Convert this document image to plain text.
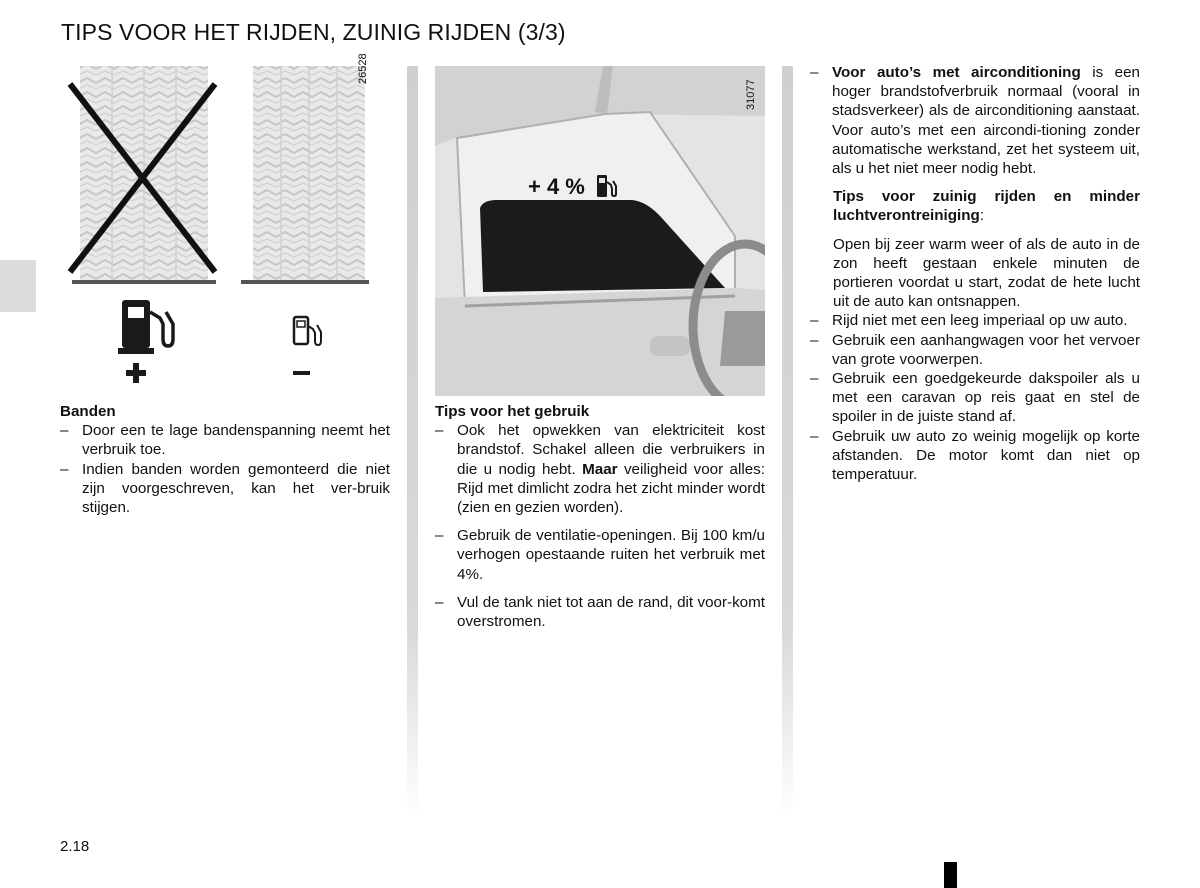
TIPS VOOR HET RIJDEN, ZUINIG RIJDEN (3/3)
26528
+ 4 %
31077

Banden

– Door een te lage bandenspanning neemt het verbruik toe.
– Indien banden worden gemonteerd die niet zijn voorgeschreven, kan het ver-bruik stijgen.

Tips voor het gebruik

– Ook het opwekken van elektriciteit kost brandstof. Schakel alleen die verbruikers in die u nodig hebt. Maar veiligheid voor alles: Rijd met dimlicht zodra het zicht minder wordt (zien en gezien worden).
– Gebruik de ventilatie-openingen. Bij 100 km/u verhogen opestaande ruiten het verbruik met 4%.
– Vul de tank niet tot aan de rand, dit voor-komt overstromen.
– Voor auto’s met airconditioning is een hoger brandstofverbruik normaal (vooral in stadsverkeer) als de airconditioning aanstaat. Voor auto’s met een aircondi-tioning zonder automatische werkstand, zet het systeem uit, als u het niet meer nodig hebt.

Tips voor zuinig rijden en minder luchtverontreiniging:

Open bij zeer warm weer of als de auto in de zon heeft gestaan enkele minuten de portieren voordat u start, zodat de hete lucht uit de auto kan ontsnappen.

– Rijd niet met een leeg imperiaal op uw auto.
– Gebruik een aanhangwagen voor het vervoer van grote voorwerpen.
– Gebruik een goedgekeurde dakspoiler als u met een caravan op reis gaat en stel de spoiler in de juiste stand af.
– Gebruik uw auto zo weinig mogelijk op korte afstanden. De motor komt dan niet op temperatuur.
2.18
